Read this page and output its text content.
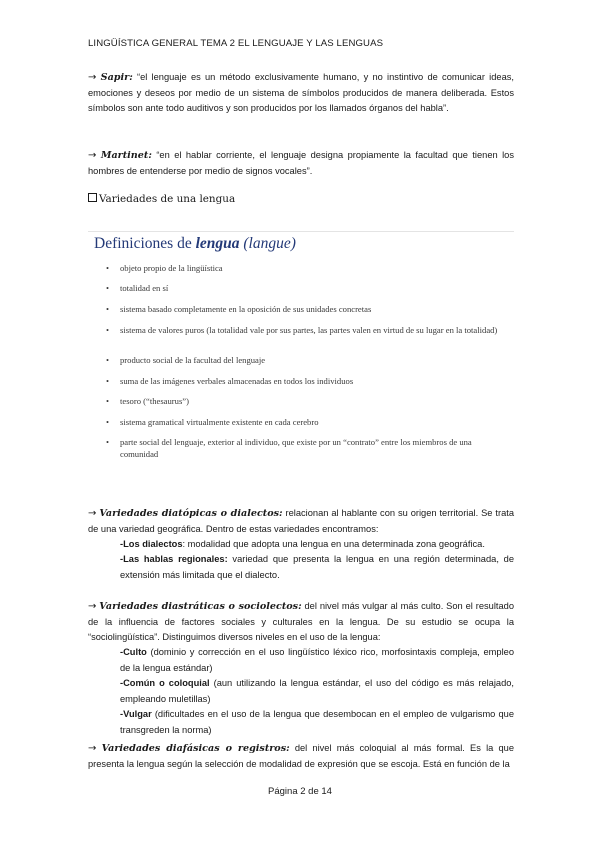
LINGÜÍSTICA GENERAL TEMA 2 EL LENGUAJE Y LAS LENGUAS

→ Sapir: “el lenguaje es un método exclusivamente humano, y no instintivo de comunicar ideas, emociones y deseos por medio de un sistema de símbolos producidos de manera deliberada. Estos símbolos son ante todo auditivos y son producidos por los llamados órganos del habla”.

→ Martinet: “en el hablar corriente, el lenguaje designa propiamente la facultad que tienen los hombres de entenderse por medio de signos vocales”.

Variedades de una lengua
Definiciones de lengua (langue)
• objeto propio de la lingüística
• totalidad en sí
• sistema basado completamente en la oposición de sus unidades concretas
• sistema de valores puros (la totalidad vale por sus partes, las partes valen en virtud de su lugar en la totalidad)
• producto social de la facultad del lenguaje
• suma de las imágenes verbales almacenadas en todos los individuos
• tesoro (“thesaurus”)
• sistema gramatical virtualmente existente en cada cerebro
• parte social del lenguaje, exterior al individuo, que existe por un “contrato” entre los miembros de una comunidad

→ Variedades diatópicas o dialectos: relacionan al hablante con su origen territorial. Se trata de una variedad geográfica. Dentro de estas variedades encontramos:

-Los dialectos: modalidad que adopta una lengua en una determinada zona geográfica.

-Las hablas regionales: variedad que presenta la lengua en una región determinada, de extensión más limitada que el dialecto.

→ Variedades diastráticas o sociolectos: del nivel más vulgar al más culto. Son el resultado de la influencia de factores sociales y culturales en la lengua. De su estudio se ocupa la “sociolingüística”. Distinguimos diversos niveles en el uso de la lengua:

-Culto (dominio y corrección en el uso lingüístico léxico rico, morfosintaxis compleja, empleo de la lengua estándar)

-Común o coloquial (aun utilizando la lengua estándar, el uso del código es más relajado, empleando muletillas)

-Vulgar (dificultades en el uso de la lengua que desembocan en el empleo de vulgarismo que transgreden la norma)

→ Variedades diafásicas o registros: del nivel más coloquial al más formal. Es la que presenta la lengua según la selección de modalidad de expresión que se escoja. Está en función de la

Página 2 de 14
